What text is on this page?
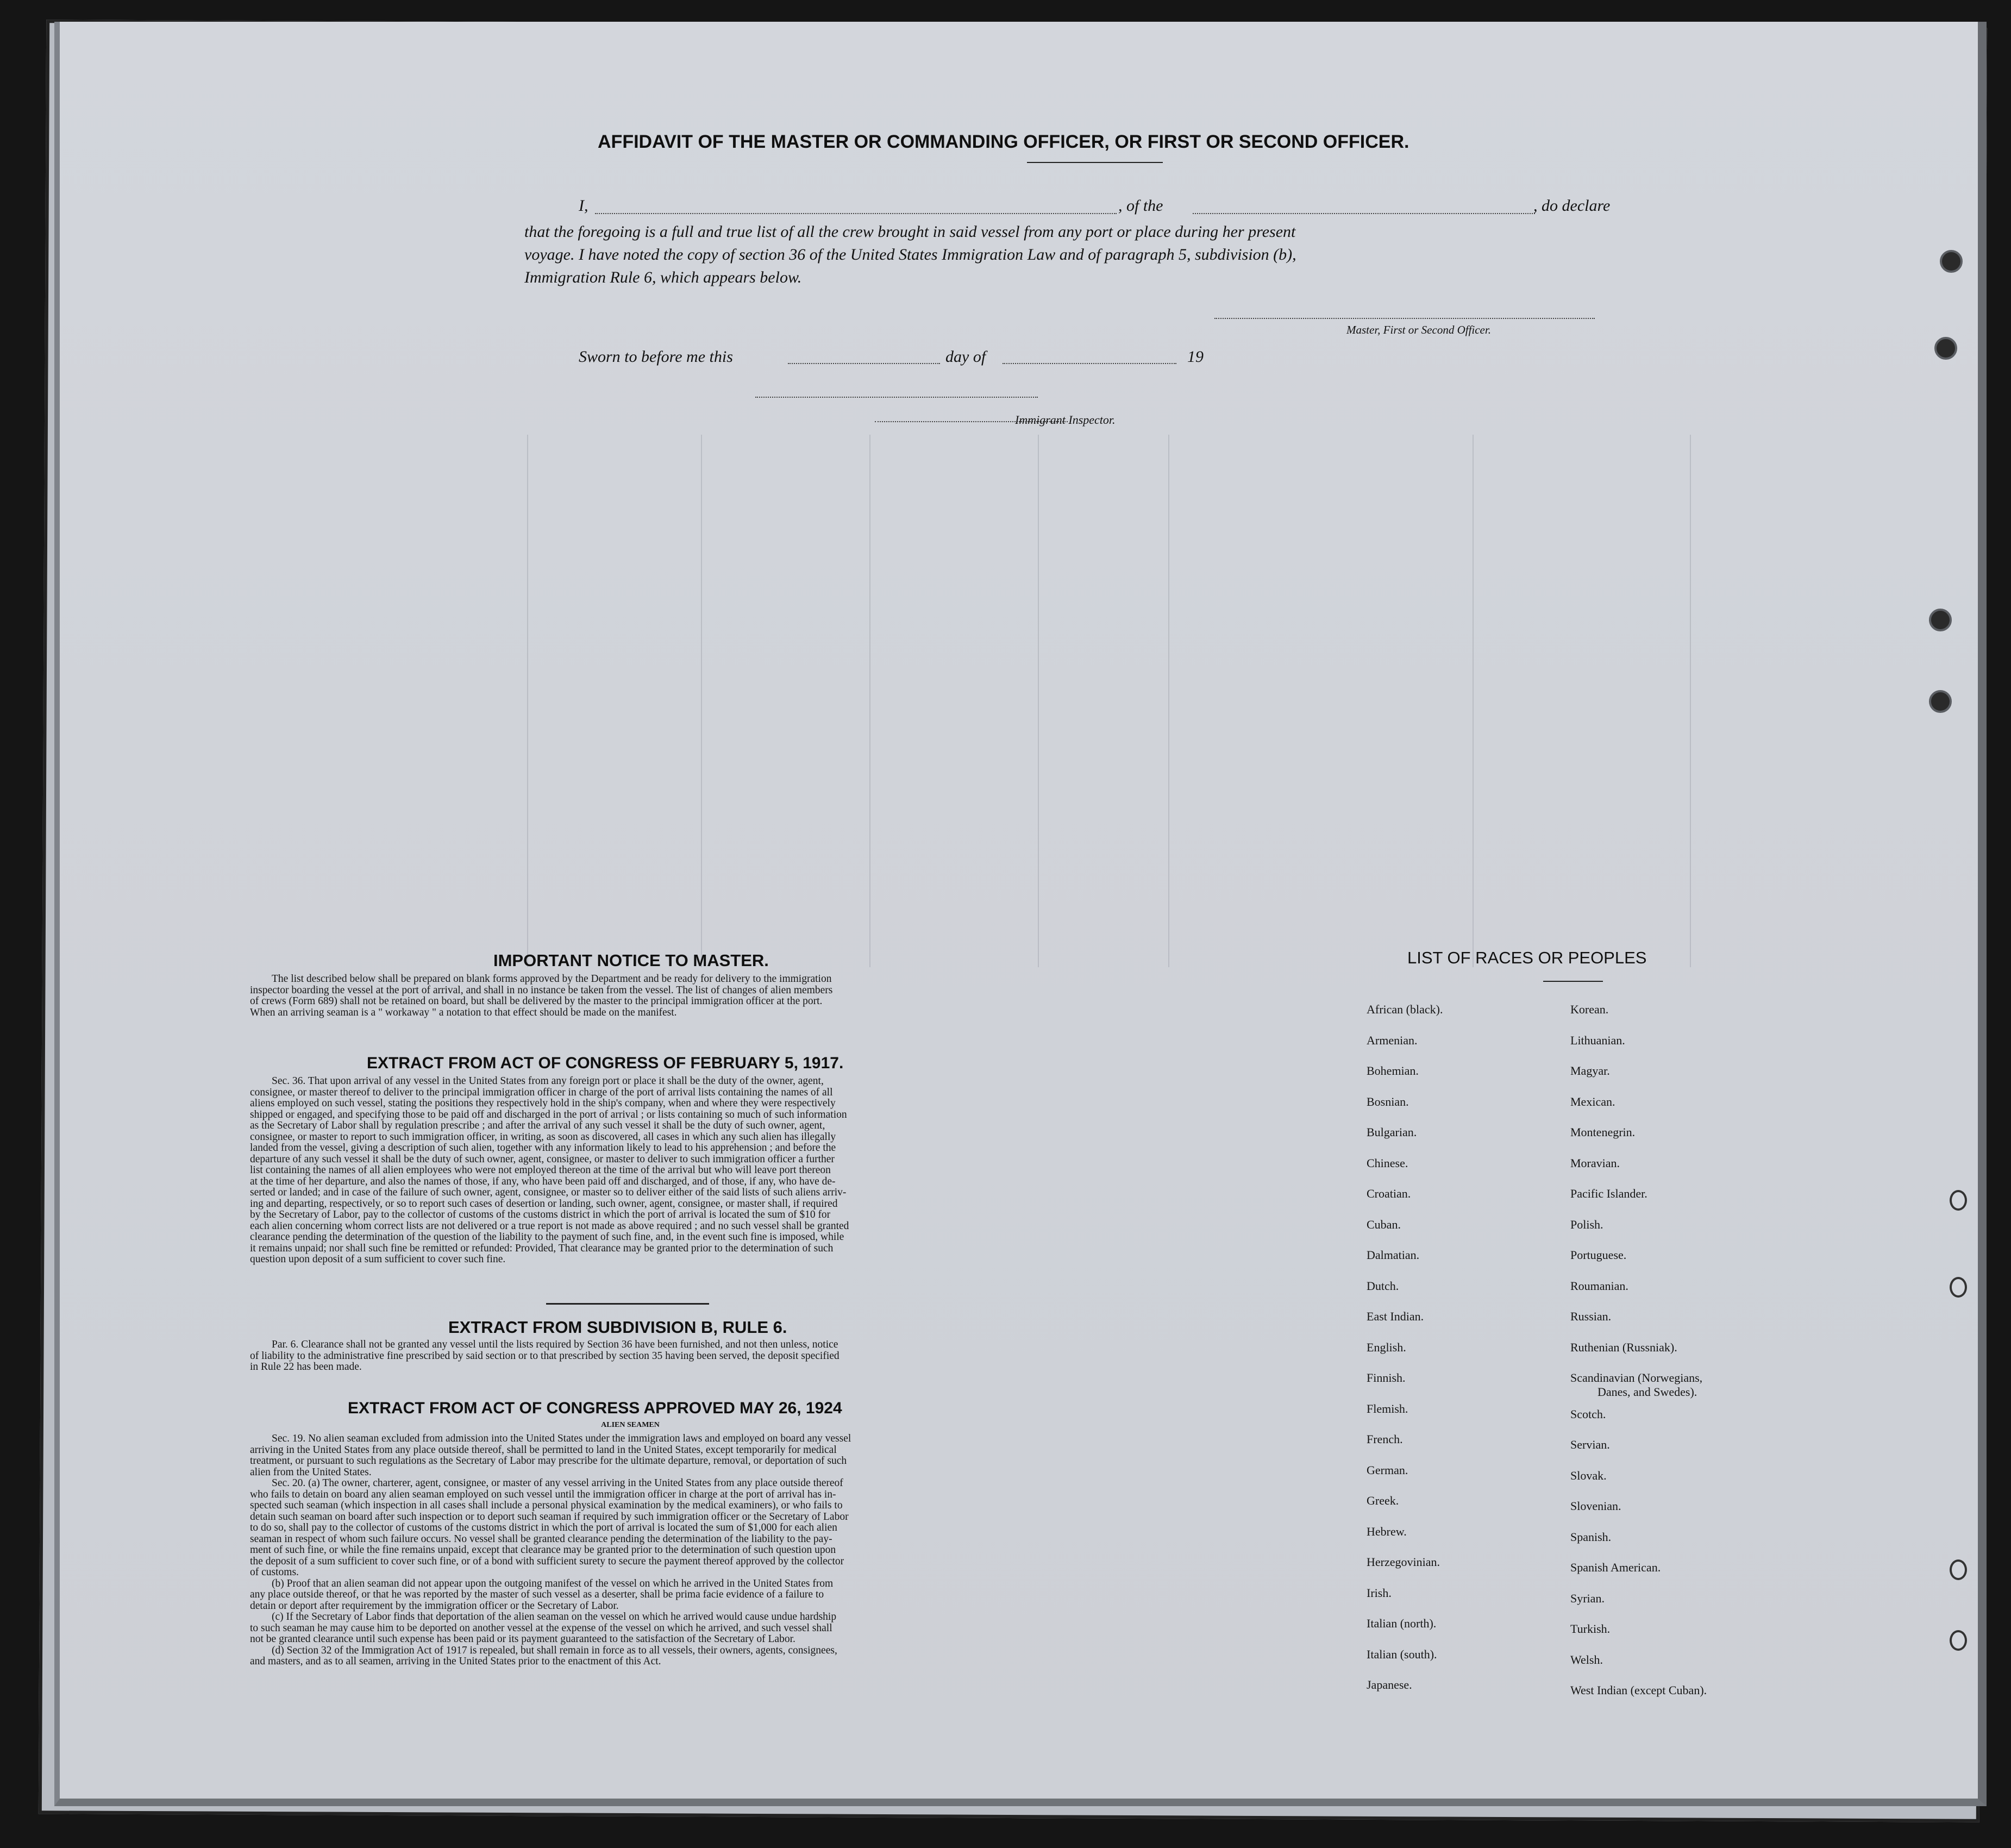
AFFIDAVIT OF THE MASTER OR COMMANDING OFFICER, OR FIRST OR SECOND OFFICER.
I,	, of the	, do declare
that the foregoing is a full and true list of all the crew brought in said vessel from any port or place during her present
voyage. I have noted the copy of section 36 of the United States Immigration Law and of paragraph 5, subdivision (b),
Immigration Rule 6, which appears below.
Master, First or Second Officer.
Sworn to before me this	day of	19
Immigrant Inspector.
IMPORTANT NOTICE TO MASTER.
The list described below shall be prepared on blank forms approved by the Department and be ready for delivery to the immigration
inspector boarding the vessel at the port of arrival, and shall in no instance be taken from the vessel. The list of changes of alien members
of crews (Form 689) shall not be retained on board, but shall be delivered by the master to the principal immigration officer at the port.
When an arriving seaman is a " workaway " a notation to that effect should be made on the manifest.
EXTRACT FROM ACT OF CONGRESS OF FEBRUARY 5, 1917.
Sec. 36. That upon arrival of any vessel in the United States from any foreign port or place it shall be the duty of the owner, agent,
consignee, or master thereof to deliver to the principal immigration officer in charge of the port of arrival lists containing the names of all
aliens employed on such vessel, stating the positions they respectively hold in the ship's company, when and where they were respectively
shipped or engaged, and specifying those to be paid off and discharged in the port of arrival ; or lists containing so much of such information
as the Secretary of Labor shall by regulation prescribe ; and after the arrival of any such vessel it shall be the duty of such owner, agent,
consignee, or master to report to such immigration officer, in writing, as soon as discovered, all cases in which any such alien has illegally
landed from the vessel, giving a description of such alien, together with any information likely to lead to his apprehension ; and before the
departure of any such vessel it shall be the duty of such owner, agent, consignee, or master to deliver to such immigration officer a further
list containing the names of all alien employees who were not employed thereon at the time of the arrival but who will leave port thereon
at the time of her departure, and also the names of those, if any, who have been paid off and discharged, and of those, if any, who have de-
serted or landed; and in case of the failure of such owner, agent, consignee, or master so to deliver either of the said lists of such aliens arriv-
ing and departing, respectively, or so to report such cases of desertion or landing, such owner, agent, consignee, or master shall, if required
by the Secretary of Labor, pay to the collector of customs of the customs district in which the port of arrival is located the sum of $10 for
each alien concerning whom correct lists are not delivered or a true report is not made as above required ; and no such vessel shall be granted
clearance pending the determination of the question of the liability to the payment of such fine, and, in the event such fine is imposed, while
it remains unpaid; nor shall such fine be remitted or refunded: Provided, That clearance may be granted prior to the determination of such
question upon deposit of a sum sufficient to cover such fine.
EXTRACT FROM SUBDIVISION B, RULE 6.
Par. 6. Clearance shall not be granted any vessel until the lists required by Section 36 have been furnished, and not then unless, notice
of liability to the administrative fine prescribed by said section or to that prescribed by section 35 having been served, the deposit specified
in Rule 22 has been made.
EXTRACT FROM ACT OF CONGRESS APPROVED MAY 26, 1924
ALIEN SEAMEN
Sec. 19. No alien seaman excluded from admission into the United States under the immigration laws and employed on board any vessel
arriving in the United States from any place outside thereof, shall be permitted to land in the United States, except temporarily for medical
treatment, or pursuant to such regulations as the Secretary of Labor may prescribe for the ultimate departure, removal, or deportation of such
alien from the United States.
Sec. 20. (a) The owner, charterer, agent, consignee, or master of any vessel arriving in the United States from any place outside thereof
who fails to detain on board any alien seaman employed on such vessel until the immigration officer in charge at the port of arrival has in-
spected such seaman (which inspection in all cases shall include a personal physical examination by the medical examiners), or who fails to
detain such seaman on board after such inspection or to deport such seaman if required by such immigration officer or the Secretary of Labor
to do so, shall pay to the collector of customs of the customs district in which the port of arrival is located the sum of $1,000 for each alien
seaman in respect of whom such failure occurs. No vessel shall be granted clearance pending the determination of the liability to the pay-
ment of such fine, or while the fine remains unpaid, except that clearance may be granted prior to the determination of such question upon
the deposit of a sum sufficient to cover such fine, or of a bond with sufficient surety to secure the payment thereof approved by the collector
of customs.
(b) Proof that an alien seaman did not appear upon the outgoing manifest of the vessel on which he arrived in the United States from
any place outside thereof, or that he was reported by the master of such vessel as a deserter, shall be prima facie evidence of a failure to
detain or deport after requirement by the immigration officer or the Secretary of Labor.
(c) If the Secretary of Labor finds that deportation of the alien seaman on the vessel on which he arrived would cause undue hardship
to such seaman he may cause him to be deported on another vessel at the expense of the vessel on which he arrived, and such vessel shall
not be granted clearance until such expense has been paid or its payment guaranteed to the satisfaction of the Secretary of Labor.
(d) Section 32 of the Immigration Act of 1917 is repealed, but shall remain in force as to all vessels, their owners, agents, consignees,
and masters, and as to all seamen, arriving in the United States prior to the enactment of this Act.
LIST OF RACES OR PEOPLES
African (black).
Armenian.
Bohemian.
Bosnian.
Bulgarian.
Chinese.
Croatian.
Cuban.
Dalmatian.
Dutch.
East Indian.
English.
Finnish.
Flemish.
French.
German.
Greek.
Hebrew.
Herzegovinian.
Irish.
Italian (north).
Italian (south).
Japanese.
Korean.
Lithuanian.
Magyar.
Mexican.
Montenegrin.
Moravian.
Pacific Islander.
Polish.
Portuguese.
Roumanian.
Russian.
Ruthenian (Russniak).
Scandinavian (Norwegians,
Danes, and Swedes).
Scotch.
Servian.
Slovak.
Slovenian.
Spanish.
Spanish American.
Syrian.
Turkish.
Welsh.
West Indian (except Cuban).
